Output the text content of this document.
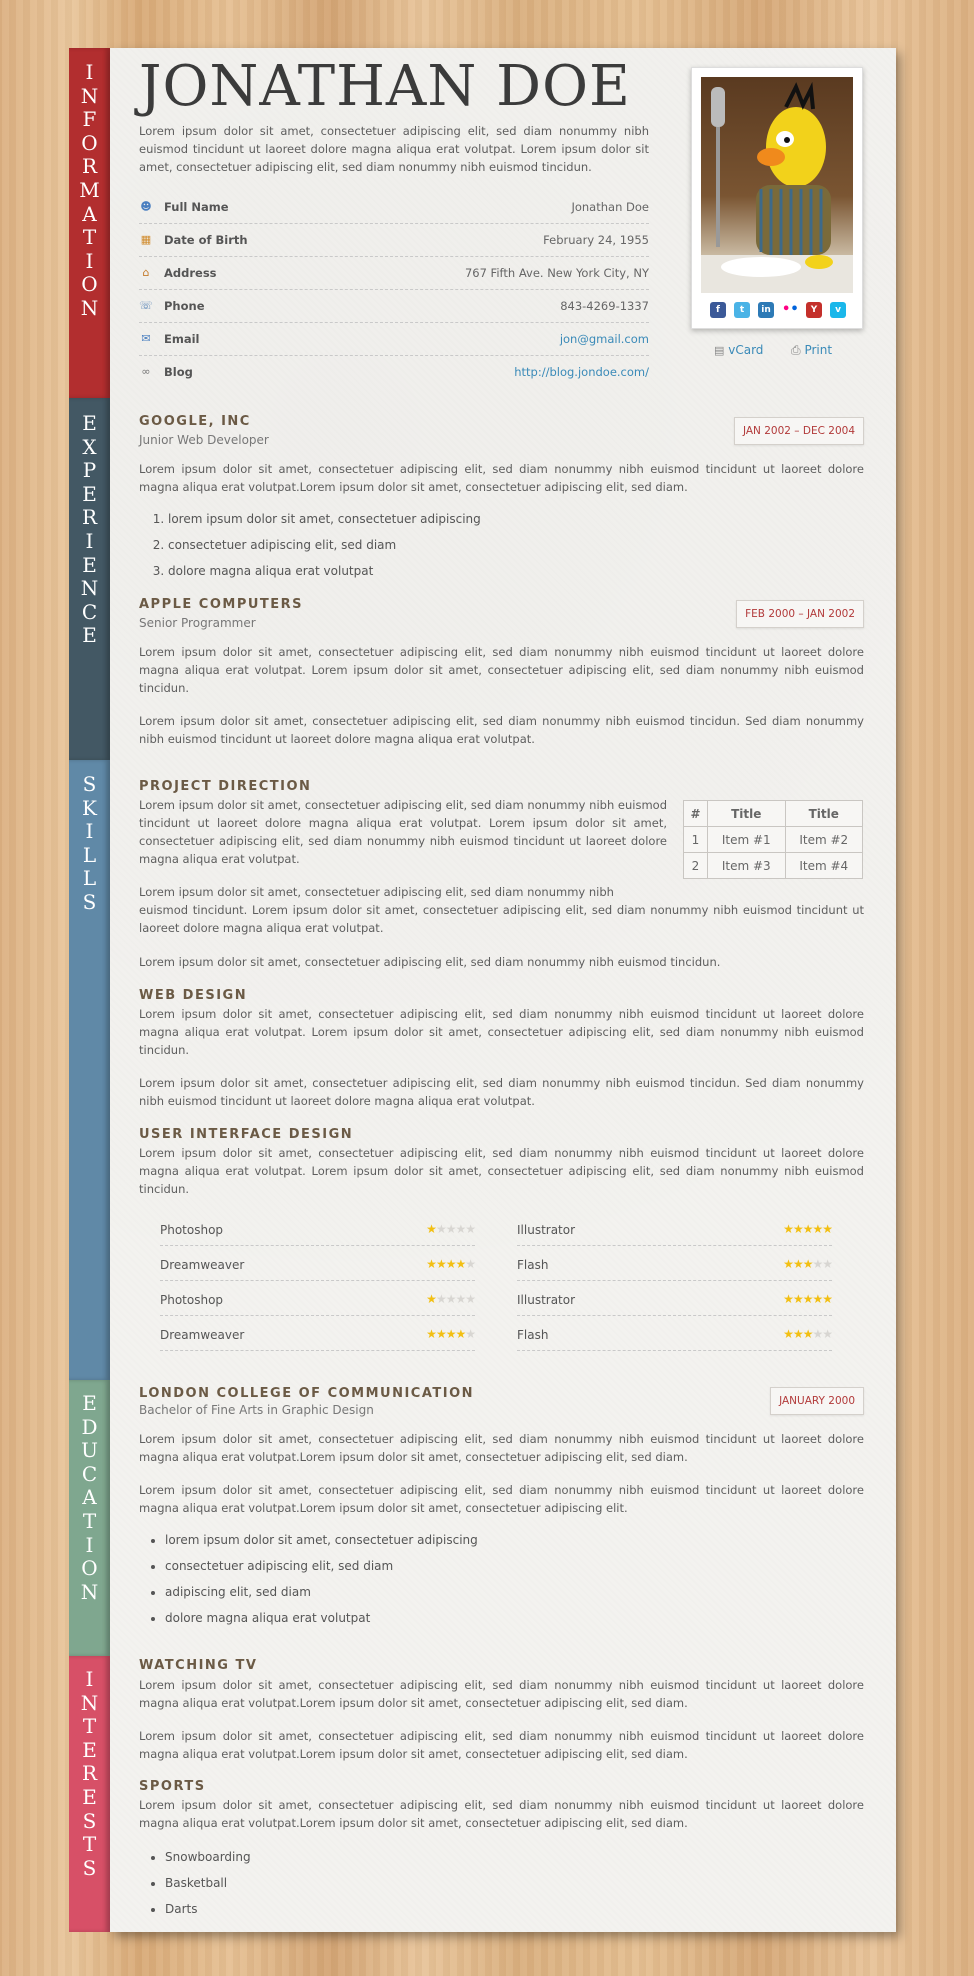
I
N
F
O
R
M
A
T
I
O
N
E
X
P
E
R
I
E
N
C
E
S
K
I
L
L
S
E
D
U
C
A
T
I
O
N
I
N
T
E
R
E
S
T
S
JONATHAN DOE

Lorem ipsum dolor sit amet, consectetuer adipiscing elit, sed diam nonummy nibh euismod tincidunt ut laoreet dolore magna aliqua erat volutpat. Lorem ipsum dolor sit amet, consectetuer adipiscing elit, sed diam nonummy nibh euismod tincidun.

☻ Full Name	Jonathan Doe
▦ Date of Birth	February 24, 1955
⌂	Address	767 Fifth Ave. New York City, NY
☏ Phone	843-4269-1337
✉ Email	jon@gmail.com
∞ Blog	http://blog.jondoe.com/
f	t	in ••	Y	v
▤ vCard ⎙ Print
GOOGLE, INC
Junior Web Developer
JAN 2002 – DEC 2004

Lorem ipsum dolor sit amet, consectetuer adipiscing elit, sed diam nonummy nibh euismod tincidunt ut laoreet dolore magna aliqua erat volutpat.Lorem ipsum dolor sit amet, consectetuer adipiscing elit, sed diam.

1. lorem ipsum dolor sit amet, consectetuer adipiscing
2. consectetuer adipiscing elit, sed diam
3. dolore magna aliqua erat volutpat
APPLE COMPUTERS
Senior Programmer
FEB 2000 – JAN 2002

Lorem ipsum dolor sit amet, consectetuer adipiscing elit, sed diam nonummy nibh euismod tincidunt ut laoreet dolore magna aliqua erat volutpat. Lorem ipsum dolor sit amet, consectetuer adipiscing elit, sed diam nonummy nibh euismod tincidun.

Lorem ipsum dolor sit amet, consectetuer adipiscing elit, sed diam nonummy nibh euismod tincidun. Sed diam nonummy nibh euismod tincidunt ut laoreet dolore magna aliqua erat volutpat.

PROJECT DIRECTION

Lorem ipsum dolor sit amet, consectetuer adipiscing elit, sed diam nonummy nibh euismod tincidunt ut laoreet dolore magna aliqua erat volutpat. Lorem ipsum dolor sit amet, consectetuer adipiscing elit, sed diam nonummy nibh euismod tincidunt ut laoreet dolore magna aliqua erat volutpat.

Lorem ipsum dolor sit amet, consectetuer adipiscing elit, sed diam nonummy nibh

euismod tincidunt. Lorem ipsum dolor sit amet, consectetuer adipiscing elit, sed diam nonummy nibh euismod tincidunt ut laoreet dolore magna aliqua erat volutpat.

Lorem ipsum dolor sit amet, consectetuer adipiscing elit, sed diam nonummy nibh euismod tincidun.

#	Title	Title
1	Item #1	Item #2
2	Item #3	Item #4
WEB DESIGN

Lorem ipsum dolor sit amet, consectetuer adipiscing elit, sed diam nonummy nibh euismod tincidunt ut laoreet dolore magna aliqua erat volutpat. Lorem ipsum dolor sit amet, consectetuer adipiscing elit, sed diam nonummy nibh euismod tincidun.

Lorem ipsum dolor sit amet, consectetuer adipiscing elit, sed diam nonummy nibh euismod tincidun. Sed diam nonummy nibh euismod tincidunt ut laoreet dolore magna aliqua erat volutpat.

USER INTERFACE DESIGN

Lorem ipsum dolor sit amet, consectetuer adipiscing elit, sed diam nonummy nibh euismod tincidunt ut laoreet dolore magna aliqua erat volutpat. Lorem ipsum dolor sit amet, consectetuer adipiscing elit, sed diam nonummy nibh euismod tincidun.

Photoshop	★★★★★
Dreamweaver	★★★★★
Photoshop	★★★★★
Dreamweaver	★★★★★
Illustrator	★★★★★
Flash	★★★★★
Illustrator	★★★★★
Flash	★★★★★
LONDON COLLEGE OF COMMUNICATION
Bachelor of Fine Arts in Graphic Design
JANUARY 2000

Lorem ipsum dolor sit amet, consectetuer adipiscing elit, sed diam nonummy nibh euismod tincidunt ut laoreet dolore magna aliqua erat volutpat.Lorem ipsum dolor sit amet, consectetuer adipiscing elit, sed diam.

Lorem ipsum dolor sit amet, consectetuer adipiscing elit, sed diam nonummy nibh euismod tincidunt ut laoreet dolore magna aliqua erat volutpat.Lorem ipsum dolor sit amet, consectetuer adipiscing elit.

• lorem ipsum dolor sit amet, consectetuer adipiscing
• consectetuer adipiscing elit, sed diam
• adipiscing elit, sed diam
• dolore magna aliqua erat volutpat
WATCHING TV

Lorem ipsum dolor sit amet, consectetuer adipiscing elit, sed diam nonummy nibh euismod tincidunt ut laoreet dolore magna aliqua erat volutpat.Lorem ipsum dolor sit amet, consectetuer adipiscing elit, sed diam.

Lorem ipsum dolor sit amet, consectetuer adipiscing elit, sed diam nonummy nibh euismod tincidunt ut laoreet dolore magna aliqua erat volutpat.Lorem ipsum dolor sit amet, consectetuer adipiscing elit, sed diam.

SPORTS

Lorem ipsum dolor sit amet, consectetuer adipiscing elit, sed diam nonummy nibh euismod tincidunt ut laoreet dolore magna aliqua erat volutpat.Lorem ipsum dolor sit amet, consectetuer adipiscing elit, sed diam.

• Snowboarding
• Basketball
• Darts
